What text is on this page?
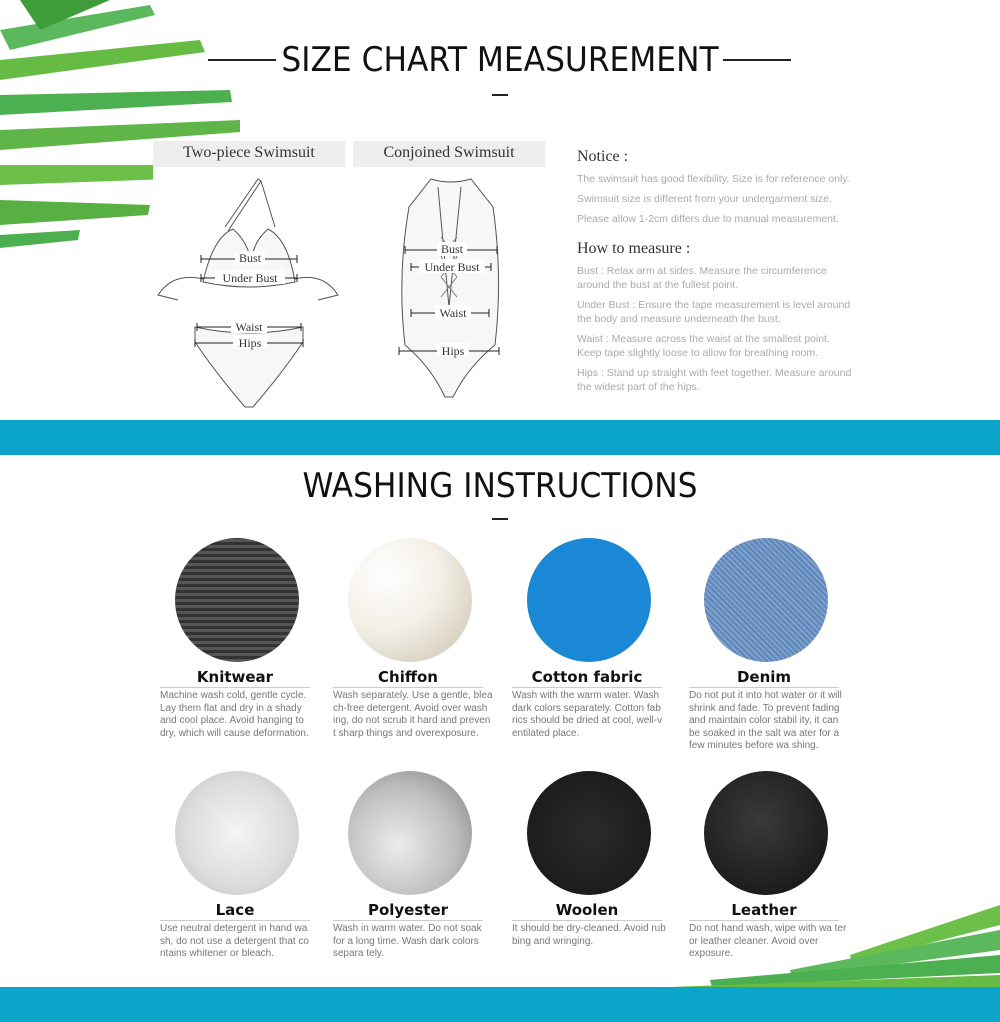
SIZE CHART MEASUREMENT
Two-piece Swimsuit
Bust
Under Bust
Waist
Hips
Conjoined Swimsuit
Bust
Under Bust
Waist
Hips
Notice :

The swimsuit has good flexibility. Size is for reference only.

Swimsuit size is different from your undergarment size.

Please allow 1-2cm differs due to manual measurement.

How to measure :

Bust : Relax arm at sides. Measure the circumference around the bust at the fullest point.

Under Bust : Ensure the tape measurement is level around the body and measure underneath the bust.

Waist : Measure across the waist at the smallest point. Keep tape slightly loose to allow for breathing room.

Hips : Stand up straight with feet together. Measure around the widest part of the hips.

WASHING INSTRUCTIONS
Knitwear
Machine wash cold, gentle cycle. Lay them flat and dry in a shady and cool place. Avoid hanging to dry, which will cause deformation.
Chiffon
Wash separately. Use a gentle, blea ch-free detergent. Avoid over wash ing, do not scrub it hard and preven t sharp things and overexposure.
Cotton fabric
Wash with the warm water. Wash dark colors separately. Cotton fab rics should be dried at cool, well-v entilated place.
Denim
Do not put it into hot water or it will shrink and fade. To prevent fading and maintain color stabil ity, it can be soaked in the salt wa ater for a few minutes before wa shing.
Lace
Use neutral detergent in hand wa sh, do not use a detergent that co ntains whitener or bleach.
Polyester
Wash in warm water. Do not soak for a long time. Wash dark colors separa tely.
Woolen
It should be dry-cleaned. Avoid rub bing and wringing.
Leather
Do not hand wash, wipe with wa ter or leather cleaner. Avoid over exposure.
